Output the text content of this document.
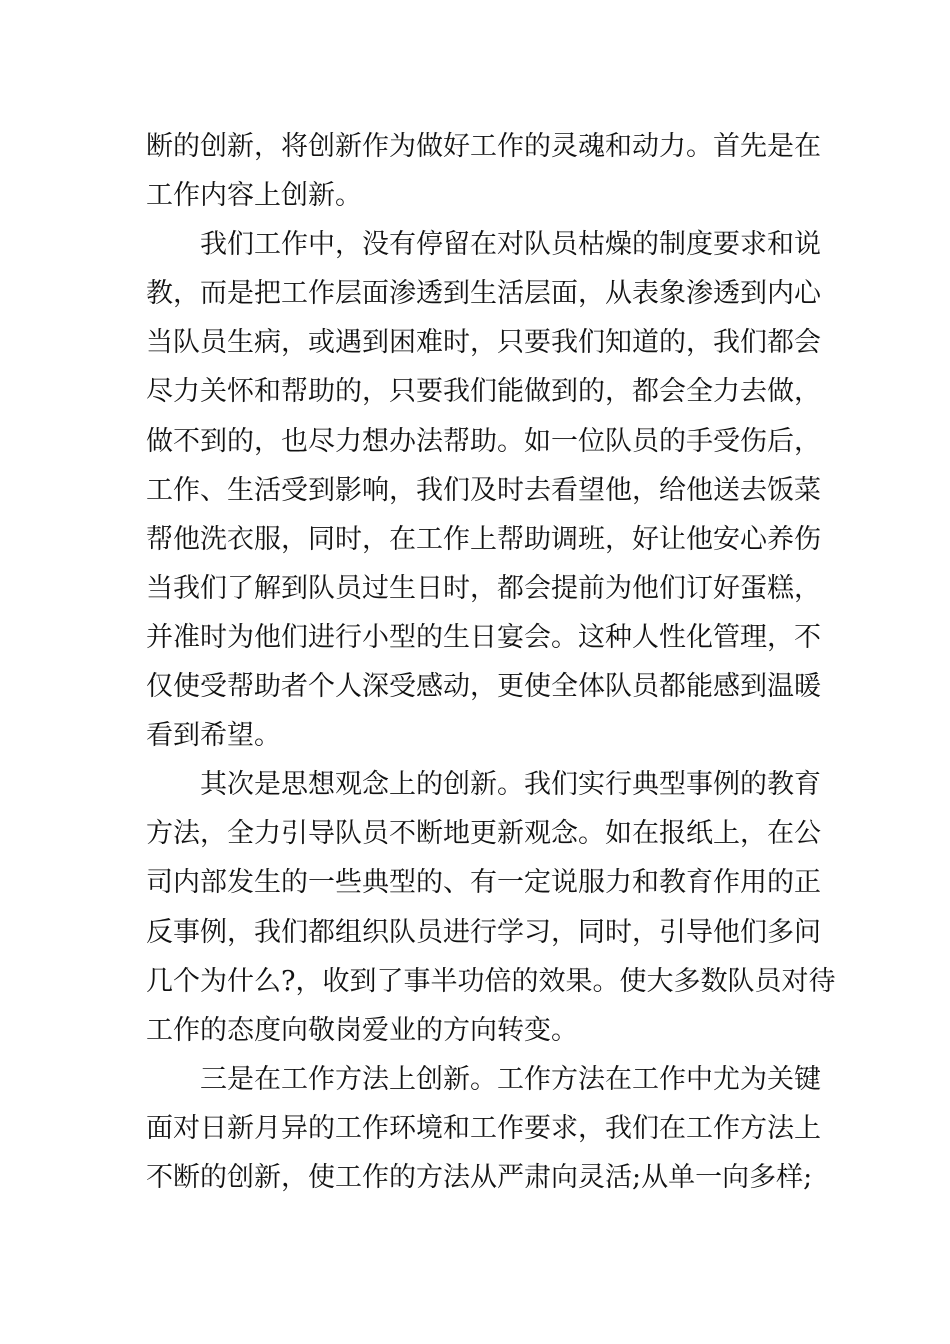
断的创新，将创新作为做好工作的灵魂和动力。首先是在
工作内容上创新。
我们工作中，没有停留在对队员枯燥的制度要求和说
教，而是把工作层面渗透到生活层面，从表象渗透到内心
当队员生病，或遇到困难时，只要我们知道的，我们都会
尽力关怀和帮助的，只要我们能做到的，都会全力去做，
做不到的，也尽力想办法帮助。如一位队员的手受伤后，
工作、生活受到影响，我们及时去看望他，给他送去饭菜
帮他洗衣服，同时，在工作上帮助调班，好让他安心养伤
当我们了解到队员过生日时，都会提前为他们订好蛋糕，
并准时为他们进行小型的生日宴会。这种人性化管理，不
仅使受帮助者个人深受感动，更使全体队员都能感到温暖
看到希望。
其次是思想观念上的创新。我们实行典型事例的教育
方法，全力引导队员不断地更新观念。如在报纸上，在公
司内部发生的一些典型的、有一定说服力和教育作用的正
反事例，我们都组织队员进行学习，同时，引导他们多问
几个为什么?，收到了事半功倍的效果。使大多数队员对待
工作的态度向敬岗爱业的方向转变。
三是在工作方法上创新。工作方法在工作中尤为关键
面对日新月异的工作环境和工作要求，我们在工作方法上
不断的创新，使工作的方法从严肃向灵活;从单一向多样;
